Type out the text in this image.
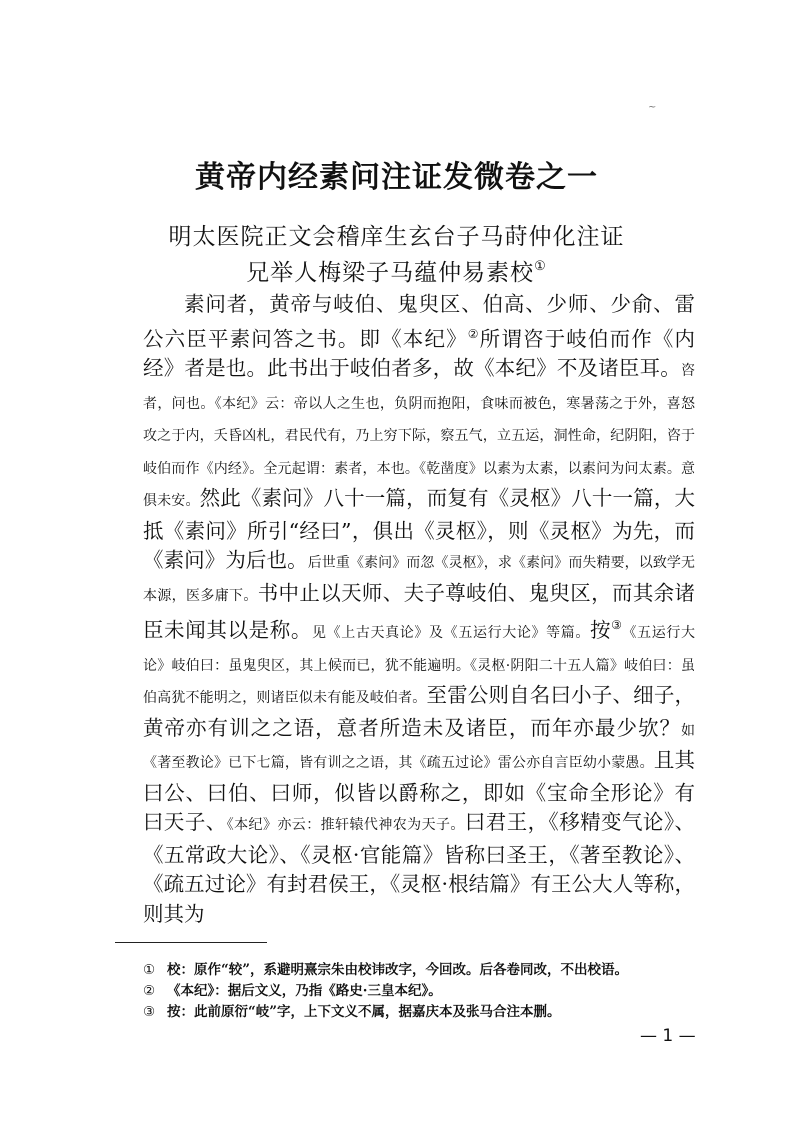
~
黄帝内经素问注证发微卷之一
明太医院正文会稽庠生玄台子马莳仲化注证
兄举人梅梁子马蕴仲易素校①

素问者，黄帝与岐伯、鬼臾区、伯高、少师、少俞、雷公六臣平素问答之书。即《本纪》②所谓咨于岐伯而作《内经》者是也。此书出于岐伯者多，故《本纪》不及诸臣耳。咨者，问也。《本纪》云：帝以人之生也，负阴而抱阳，食味而被色，寒暑荡之于外，喜怒攻之于内，夭昏凶札，君民代有，乃上穷下际，察五气，立五运，洞性命，纪阴阳，咨于岐伯而作《内经》。全元起谓：素者，本也。《乾凿度》以素为太素，以素问为问太素。意俱未安。然此《素问》八十一篇，而复有《灵枢》八十一篇，大抵《素问》所引“经曰”，俱出《灵枢》，则《灵枢》为先，而《素问》为后也。后世重《素问》而忽《灵枢》，求《素问》而失精要，以致学无本源，医多庸下。书中止以天师、夫子尊岐伯、鬼臾区，而其余诸臣未闻其以是称。见《上古天真论》及《五运行大论》等篇。按③《五运行大论》岐伯曰：虽鬼臾区，其上候而已，犹不能遍明。《灵枢·阴阳二十五人篇》岐伯曰：虽伯高犹不能明之，则诸臣似未有能及岐伯者。至雷公则自名曰小子、细子，黄帝亦有训之之语，意者所造未及诸臣，而年亦最少欤？如《著至教论》已下七篇，皆有训之之语，其《疏五过论》雷公亦自言臣幼小蒙愚。且其曰公、曰伯、曰师，似皆以爵称之，即如《宝命全形论》有曰天子、《本纪》亦云：推轩辕代神农为天子。曰君王，《移精变气论》、《五常政大论》、《灵枢·官能篇》皆称曰圣王，《著至教论》、《疏五过论》有封君侯王，《灵枢·根结篇》有王公大人等称，则其为

① 校：原作“较”，系避明熹宗朱由校讳改字，今回改。后各卷同改，不出校语。
② 《本纪》：据后文义，乃指《路史·三皇本纪》。
③ 按：此前原衍“岐”字，上下文义不属，据嘉庆本及张马合注本删。
— 1 —
